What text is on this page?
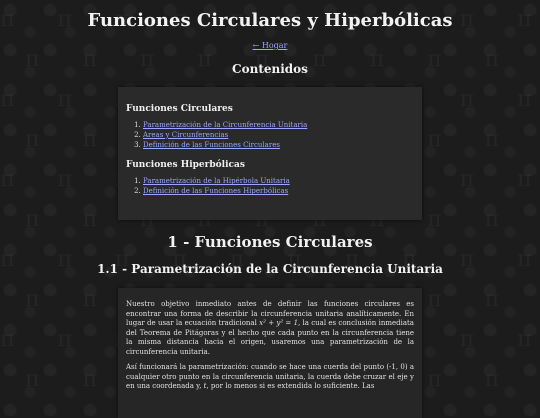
Funciones Circulares y Hiperbólicas
← Hogar
Contenidos
Funciones Circulares
1. Parametrización de la Circunferencia Unitaria
2. Areas y Circunferencias
3. Definición de las Funciones Circulares
Funciones Hiperbólicas
1. Parametrización de la Hipérbola Unitaria
2. Definición de las Funciones Hiperbólicas
1 - Funciones Circulares
1.1 - Parametrización de la Circunferencia Unitaria

Nuestro objetivo inmediato antes de definir las funciones circulares es encontrar una forma de describir la circunferencia unitaria analíticamente. En lugar de usar la ecuación tradicional x² + y² = 1, la cual es conclusión inmediata del Teorema de Pitágoras y el hecho que cada punto en la circunferencia tiene la misma distancia hacia el origen, usaremos una parametrización de la circunferencia unitaria.

Así funcionará la parametrización: cuando se hace una cuerda del punto (-1, 0) a cualquier otro punto en la circunferencia unitaria, la cuerda debe cruzar el eje y en una coordenada y, t, por lo menos si es extendida lo suficiente. Las
